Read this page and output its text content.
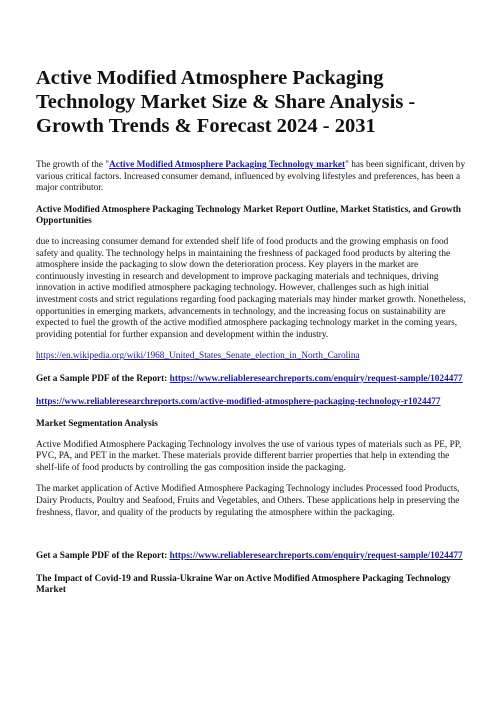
Active Modified Atmosphere Packaging Technology Market Size & Share Analysis - Growth Trends & Forecast 2024 - 2031

The growth of the "Active Modified Atmosphere Packaging Technology market" has been significant, driven by various critical factors. Increased consumer demand, influenced by evolving lifestyles and preferences, has been a major contributor.

Active Modified Atmosphere Packaging Technology Market Report Outline, Market Statistics, and Growth Opportunities

due to increasing consumer demand for extended shelf life of food products and the growing emphasis on food safety and quality. The technology helps in maintaining the freshness of packaged food products by altering the atmosphere inside the packaging to slow down the deterioration process. Key players in the market are continuously investing in research and development to improve packaging materials and techniques, driving innovation in active modified atmosphere packaging technology. However, challenges such as high initial investment costs and strict regulations regarding food packaging materials may hinder market growth. Nonetheless, opportunities in emerging markets, advancements in technology, and the increasing focus on sustainability are expected to fuel the growth of the active modified atmosphere packaging technology market in the coming years, providing potential for further expansion and development within the industry.

https://en.wikipedia.org/wiki/1968_United_States_Senate_election_in_North_Carolina

Get a Sample PDF of the Report: https://www.reliableresearchreports.com/enquiry/request-sample/1024477

https://www.reliableresearchreports.com/active-modified-atmosphere-packaging-technology-r1024477

Market Segmentation Analysis

Active Modified Atmosphere Packaging Technology involves the use of various types of materials such as PE, PP, PVC, PA, and PET in the market. These materials provide different barrier properties that help in extending the shelf-life of food products by controlling the gas composition inside the packaging.

The market application of Active Modified Atmosphere Packaging Technology includes Processed food Products, Dairy Products, Poultry and Seafood, Fruits and Vegetables, and Others. These applications help in preserving the freshness, flavor, and quality of the products by regulating the atmosphere within the packaging.

Get a Sample PDF of the Report: https://www.reliableresearchreports.com/enquiry/request-sample/1024477

The Impact of Covid-19 and Russia-Ukraine War on Active Modified Atmosphere Packaging Technology Market
